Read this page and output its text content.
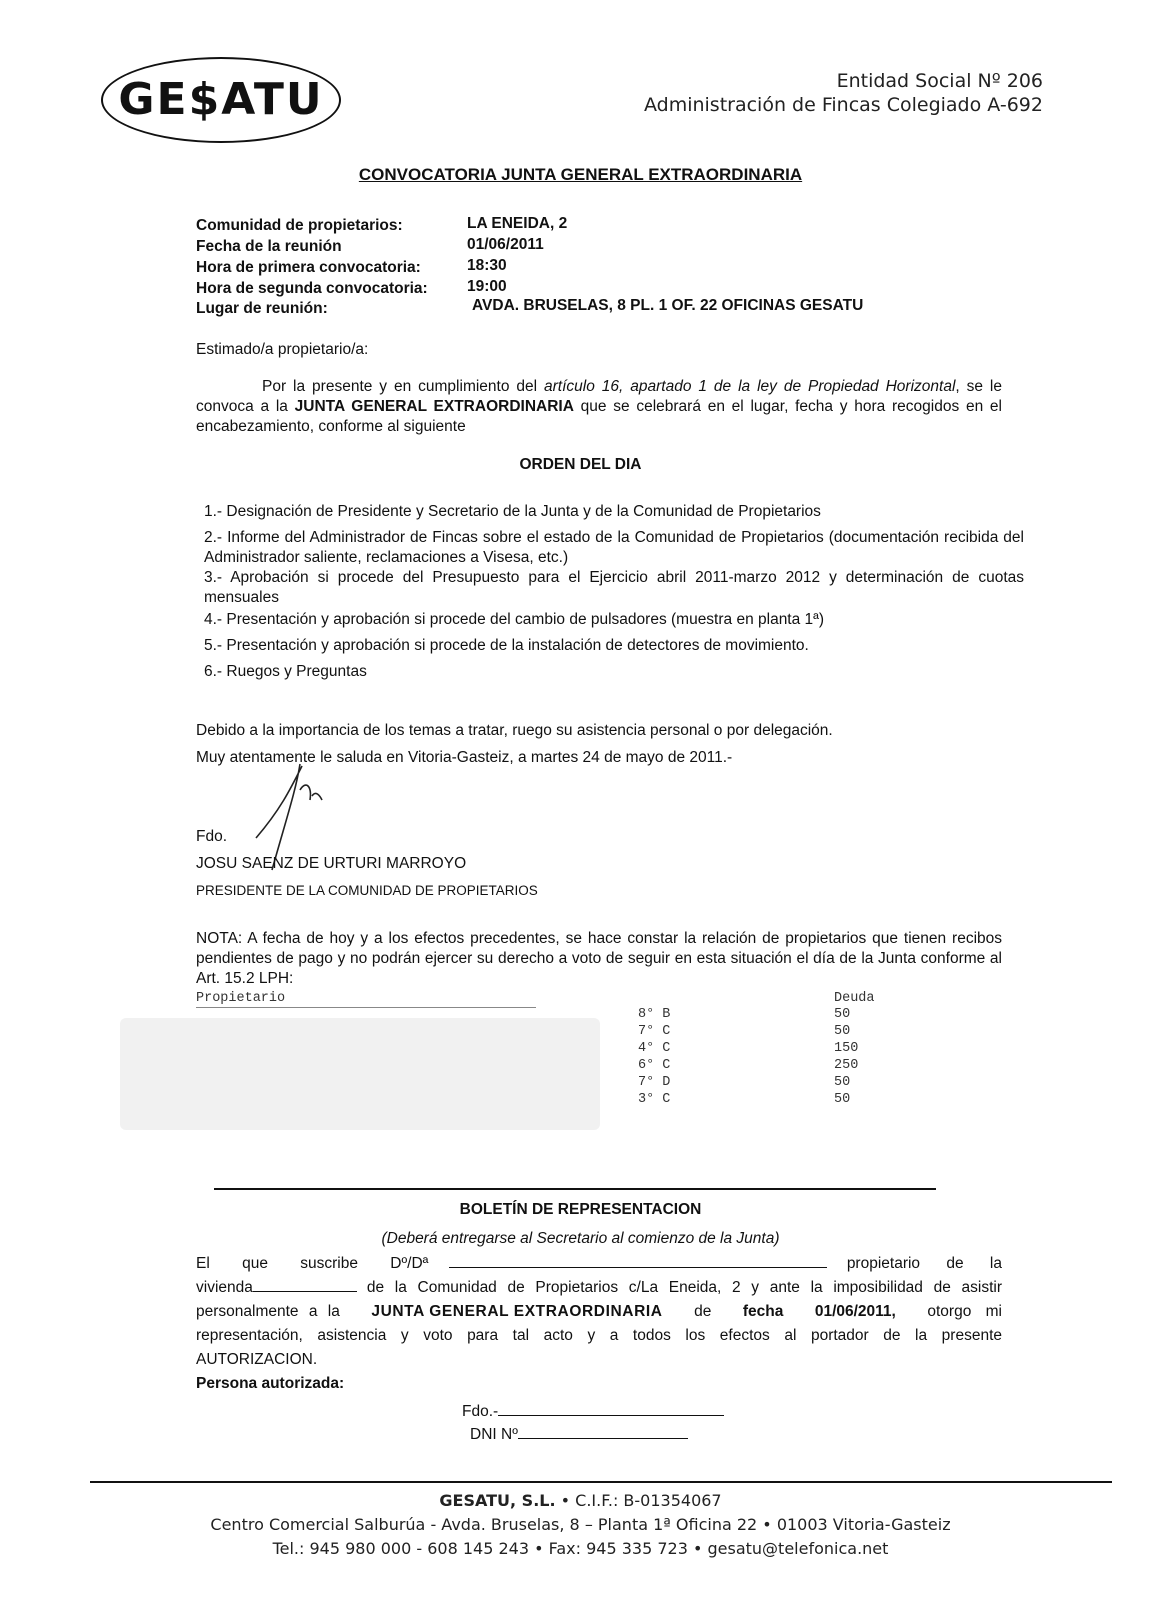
GE$ATU	Entidad Social Nº 206
Administración de Fincas Colegiado A-692
CONVOCATORIA JUNTA GENERAL EXTRAORDINARIA
Comunidad de propietarios:	LA ENEIDA, 2
Fecha de la reunión	01/06/2011
Hora de primera convocatoria:	18:30
Hora de segunda convocatoria:	19:00
Lugar de reunión:	AVDA. BRUSELAS, 8 PL. 1 OF. 22 OFICINAS GESATU
Estimado/a propietario/a:
Por la presente y en cumplimiento del artículo 16, apartado 1 de la ley de Propiedad Horizontal, se le convoca a la JUNTA GENERAL EXTRAORDINARIA que se celebrará en el lugar, fecha y hora recogidos en el encabezamiento, conforme al siguiente
ORDEN DEL DIA
1.- Designación de Presidente y Secretario de la Junta y de la Comunidad de Propietarios
2.- Informe del Administrador de Fincas sobre el estado de la Comunidad de Propietarios (documentación recibida del Administrador saliente, reclamaciones a Visesa, etc.)
3.- Aprobación si procede del Presupuesto para el Ejercicio abril 2011-marzo 2012 y determinación de cuotas mensuales
4.- Presentación y aprobación si procede del cambio de pulsadores (muestra en planta 1ª)
5.- Presentación y aprobación si procede de la instalación de detectores de movimiento.
6.- Ruegos y Preguntas
Debido a la importancia de los temas a tratar, ruego su asistencia personal o por delegación.
Muy atentamente le saluda en Vitoria-Gasteiz, a martes 24 de mayo de 2011.-
Fdo.
JOSU SAENZ DE URTURI MARROYO
PRESIDENTE DE LA COMUNIDAD DE PROPIETARIOS
NOTA: A fecha de hoy y a los efectos precedentes, se hace constar la relación de propietarios que tienen recibos pendientes de pago y no podrán ejercer su derecho a voto de seguir en esta situación el día de la Junta conforme al Art. 15.2 LPH:
Propietario	Deuda
8° B	50
7° C	50
4° C	150
6° C	250
7° D	50
3° C	50
BOLETÍN DE REPRESENTACION
(Deberá entregarse al Secretario al comienzo de la Junta)
El que suscribe Dº/Dª	propietario de la
vivienda	de la Comunidad de Propietarios c/La Eneida, 2 y ante la imposibilidad de asistir
personalmente a la JUNTA GENERAL EXTRAORDINARIA de fecha 01/06/2011, otorgo mi
representación, asistencia y voto para tal acto y a todos los efectos al portador de la presente
AUTORIZACION.
Persona autorizada:
Fdo.-
DNI Nº
GESATU, S.L. • C.I.F.: B-01354067
Centro Comercial Salburúa - Avda. Bruselas, 8 – Planta 1ª Oficina 22 • 01003 Vitoria-Gasteiz
Tel.: 945 980 000 - 608 145 243 • Fax: 945 335 723 • gesatu@telefonica.net
